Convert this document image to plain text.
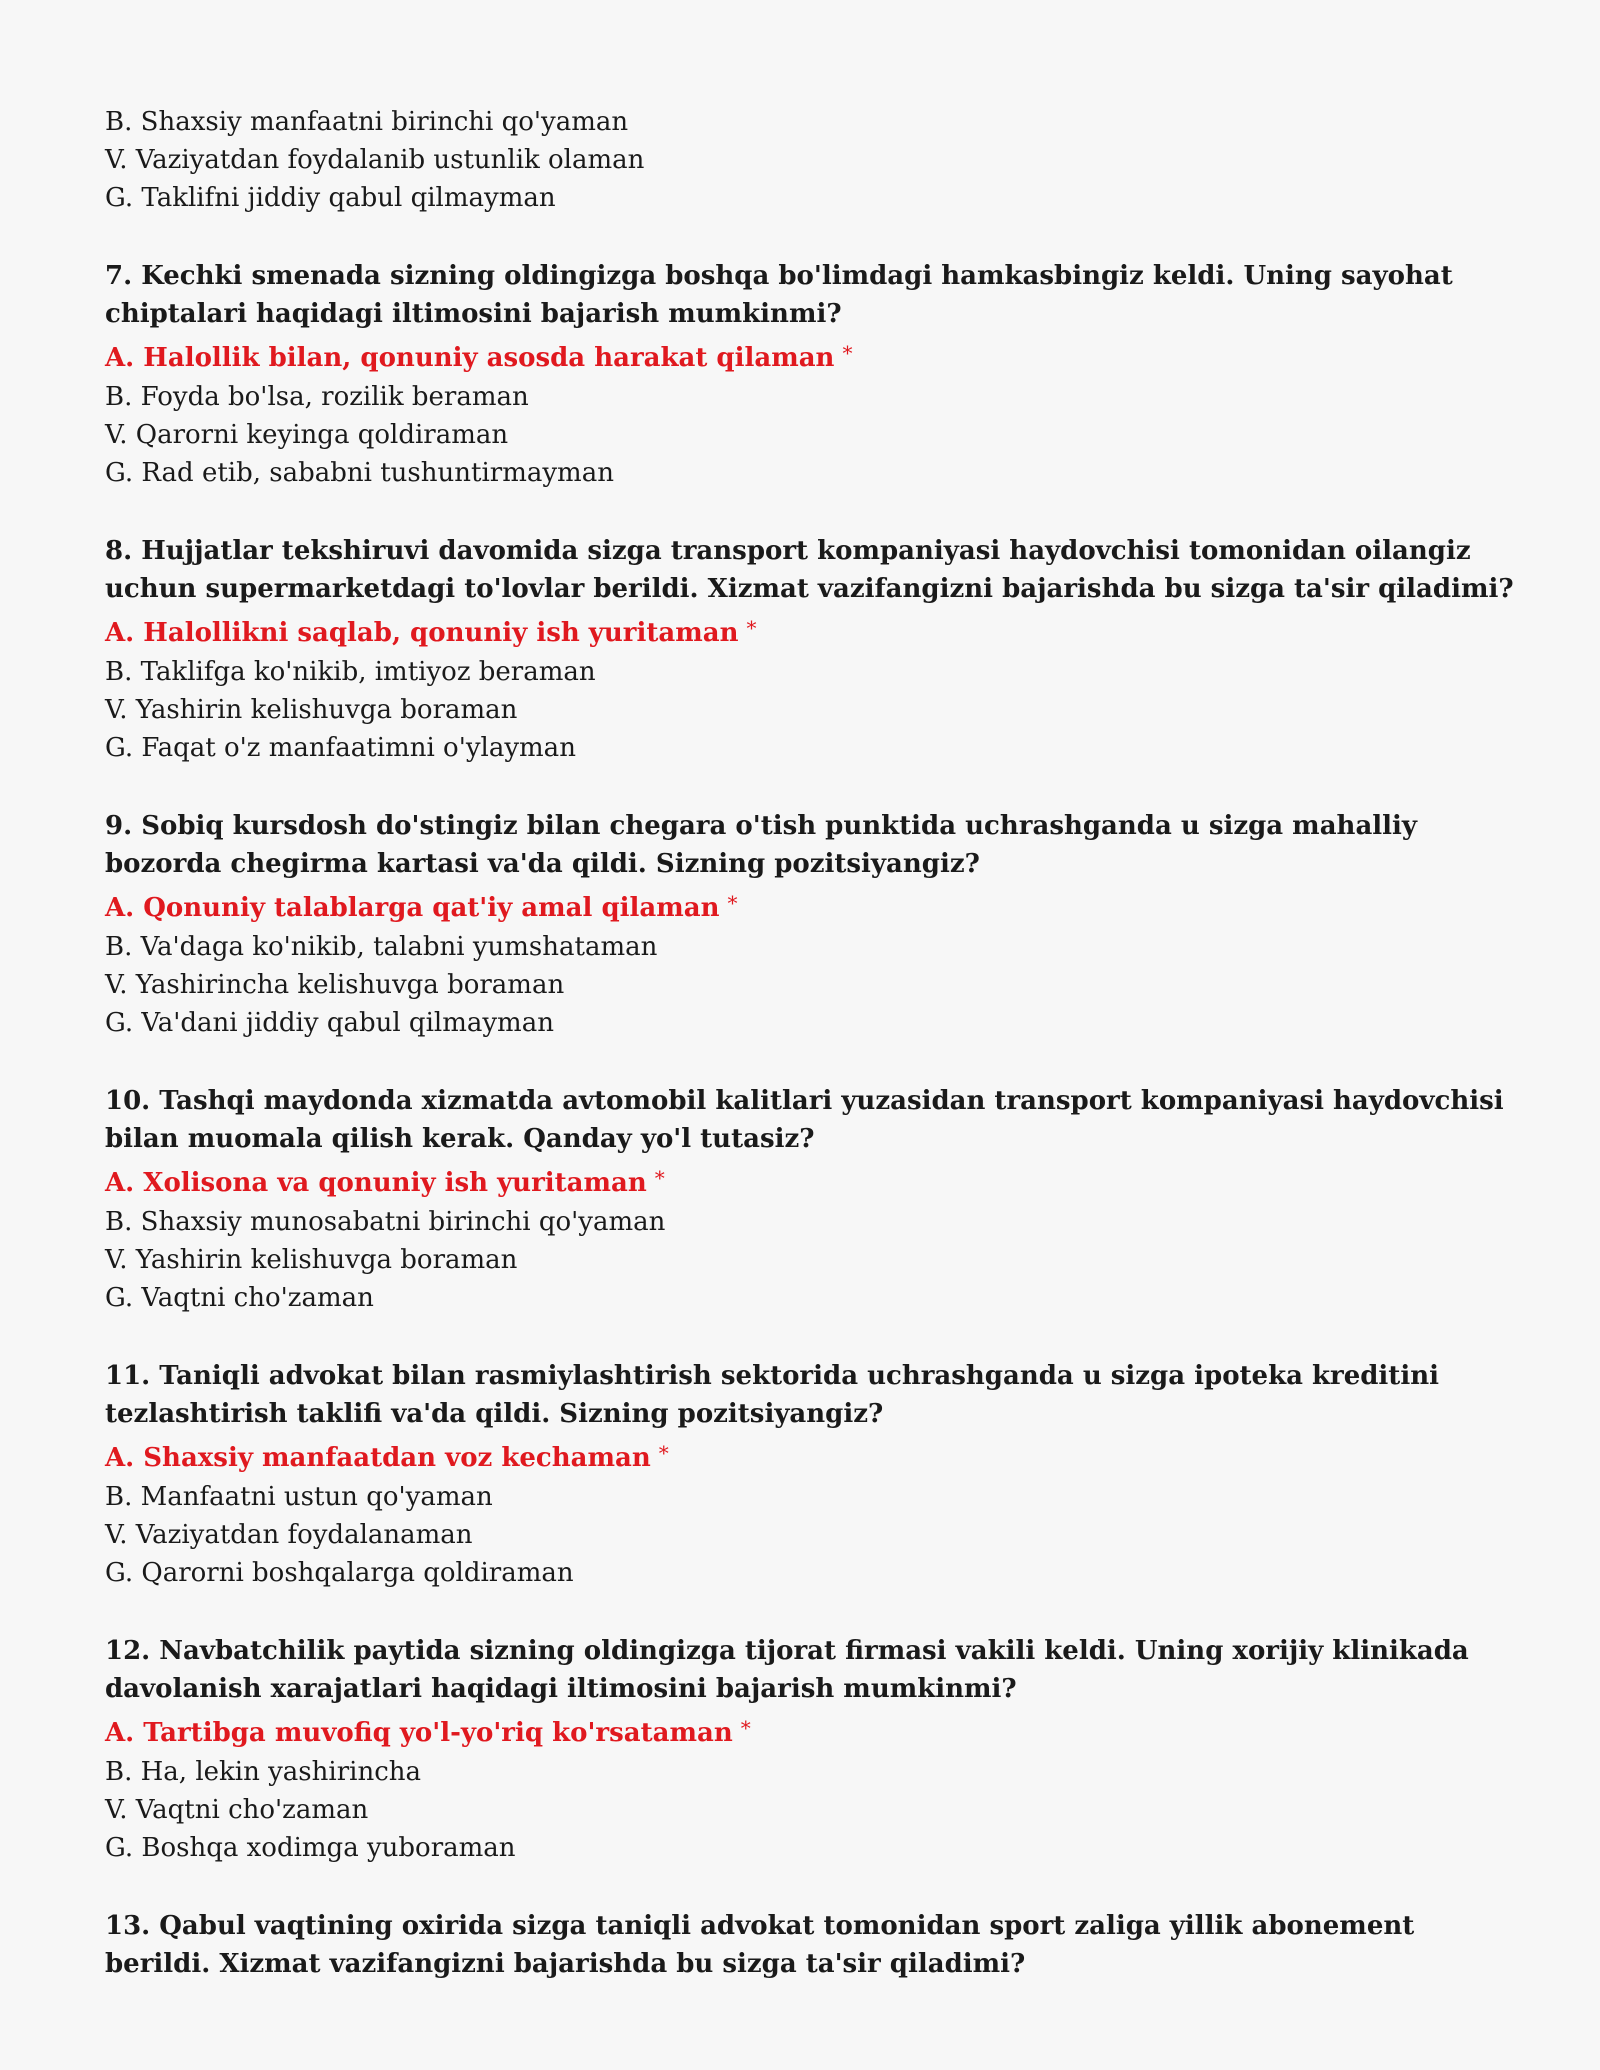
B. Shaxsiy manfaatni birinchi qo'yaman
V. Vaziyatdan foydalanib ustunlik olaman
G. Taklifni jiddiy qabul qilmayman
7. Kechki smenada sizning oldingizga boshqa bo'limdagi hamkasbingiz keldi. Uning sayohat chiptalari haqidagi iltimosini bajarish mumkinmi?
A. Halollik bilan, qonuniy asosda harakat qilaman *
B. Foyda bo'lsa, rozilik beraman
V. Qarorni keyinga qoldiraman
G. Rad etib, sababni tushuntirmayman
8. Hujjatlar tekshiruvi davomida sizga transport kompaniyasi haydovchisi tomonidan oilangiz uchun supermarketdagi to'lovlar berildi. Xizmat vazifangizni bajarishda bu sizga ta'sir qiladimi?
A. Halollikni saqlab, qonuniy ish yuritaman *
B. Taklifga ko'nikib, imtiyoz beraman
V. Yashirin kelishuvga boraman
G. Faqat o'z manfaatimni o'ylayman
9. Sobiq kursdosh do'stingiz bilan chegara o'tish punktida uchrashganda u sizga mahalliy bozorda chegirma kartasi va'da qildi. Sizning pozitsiyangiz?
A. Qonuniy talablarga qat'iy amal qilaman *
B. Va'daga ko'nikib, talabni yumshataman
V. Yashirincha kelishuvga boraman
G. Va'dani jiddiy qabul qilmayman
10. Tashqi maydonda xizmatda avtomobil kalitlari yuzasidan transport kompaniyasi haydovchisi bilan muomala qilish kerak. Qanday yo'l tutasiz?
A. Xolisona va qonuniy ish yuritaman *
B. Shaxsiy munosabatni birinchi qo'yaman
V. Yashirin kelishuvga boraman
G. Vaqtni cho'zaman
11. Taniqli advokat bilan rasmiylashtirish sektorida uchrashganda u sizga ipoteka kreditini tezlashtirish taklifi va'da qildi. Sizning pozitsiyangiz?
A. Shaxsiy manfaatdan voz kechaman *
B. Manfaatni ustun qo'yaman
V. Vaziyatdan foydalanaman
G. Qarorni boshqalarga qoldiraman
12. Navbatchilik paytida sizning oldingizga tijorat firmasi vakili keldi. Uning xorijiy klinikada davolanish xarajatlari haqidagi iltimosini bajarish mumkinmi?
A. Tartibga muvofiq yo'l-yo'riq ko'rsataman *
B. Ha, lekin yashirincha
V. Vaqtni cho'zaman
G. Boshqa xodimga yuboraman
13. Qabul vaqtining oxirida sizga taniqli advokat tomonidan sport zaliga yillik abonement berildi. Xizmat vazifangizni bajarishda bu sizga ta'sir qiladimi?
